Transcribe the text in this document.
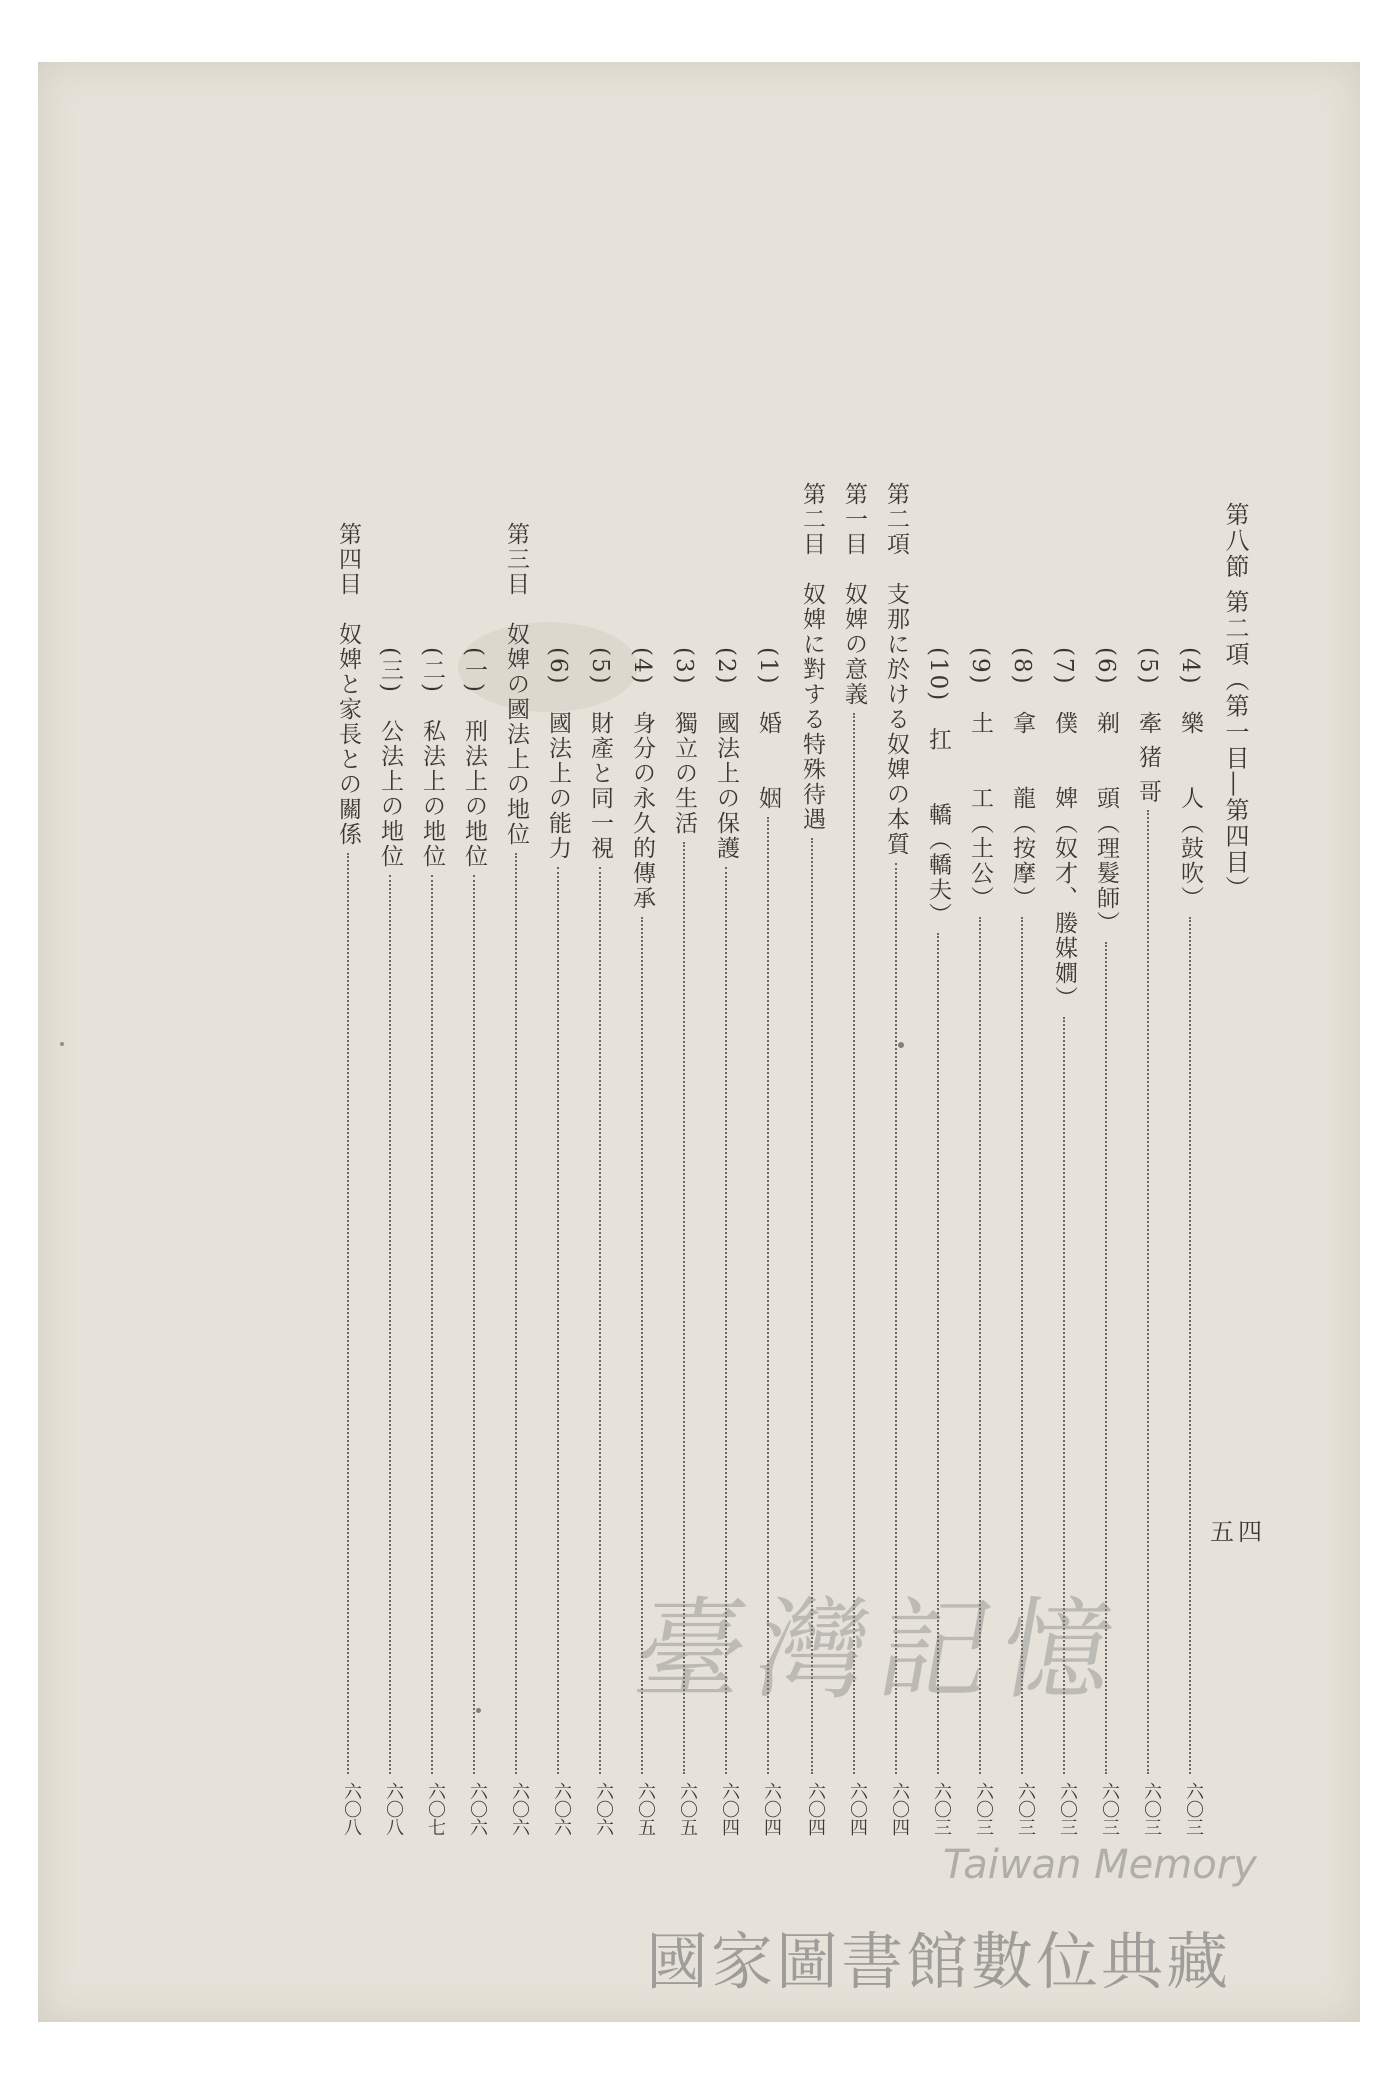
第八節 第二項（第一目―第四目）
五四
(4)　樂　　人（鼓吹）
六〇三
(5)　牽 猪 哥
六〇三
(6)　剃　　頭（理髮師）
六〇三
(7)　僕　　婢（奴才、媵媒嫺）
六〇三
(8)　拿　　龍（按摩）
六〇三
(9)　土　　工（土公）
六〇三
(10)　扛　　轎（轎夫）
六〇三
第二項　支那に於ける奴婢の本質
六〇四
第一目　奴婢の意義
六〇四
第二目　奴婢に對する特殊待遇
六〇四
(1)　婚　　姻
六〇四
(2)　國法上の保護
六〇四
(3)　獨立の生活
六〇五
(4)　身分の永久的傳承
六〇五
(5)　財產と同一視
六〇六
(6)　國法上の能力
六〇六
第三目　奴婢の國法上の地位
六〇六
(一)　刑法上の地位
六〇六
(二)　私法上の地位
六〇七
(三)　公法上の地位
六〇八
第四目　奴婢と家長との關係
六〇八
臺灣記憶
Taiwan Memory
國家圖書館數位典藏
